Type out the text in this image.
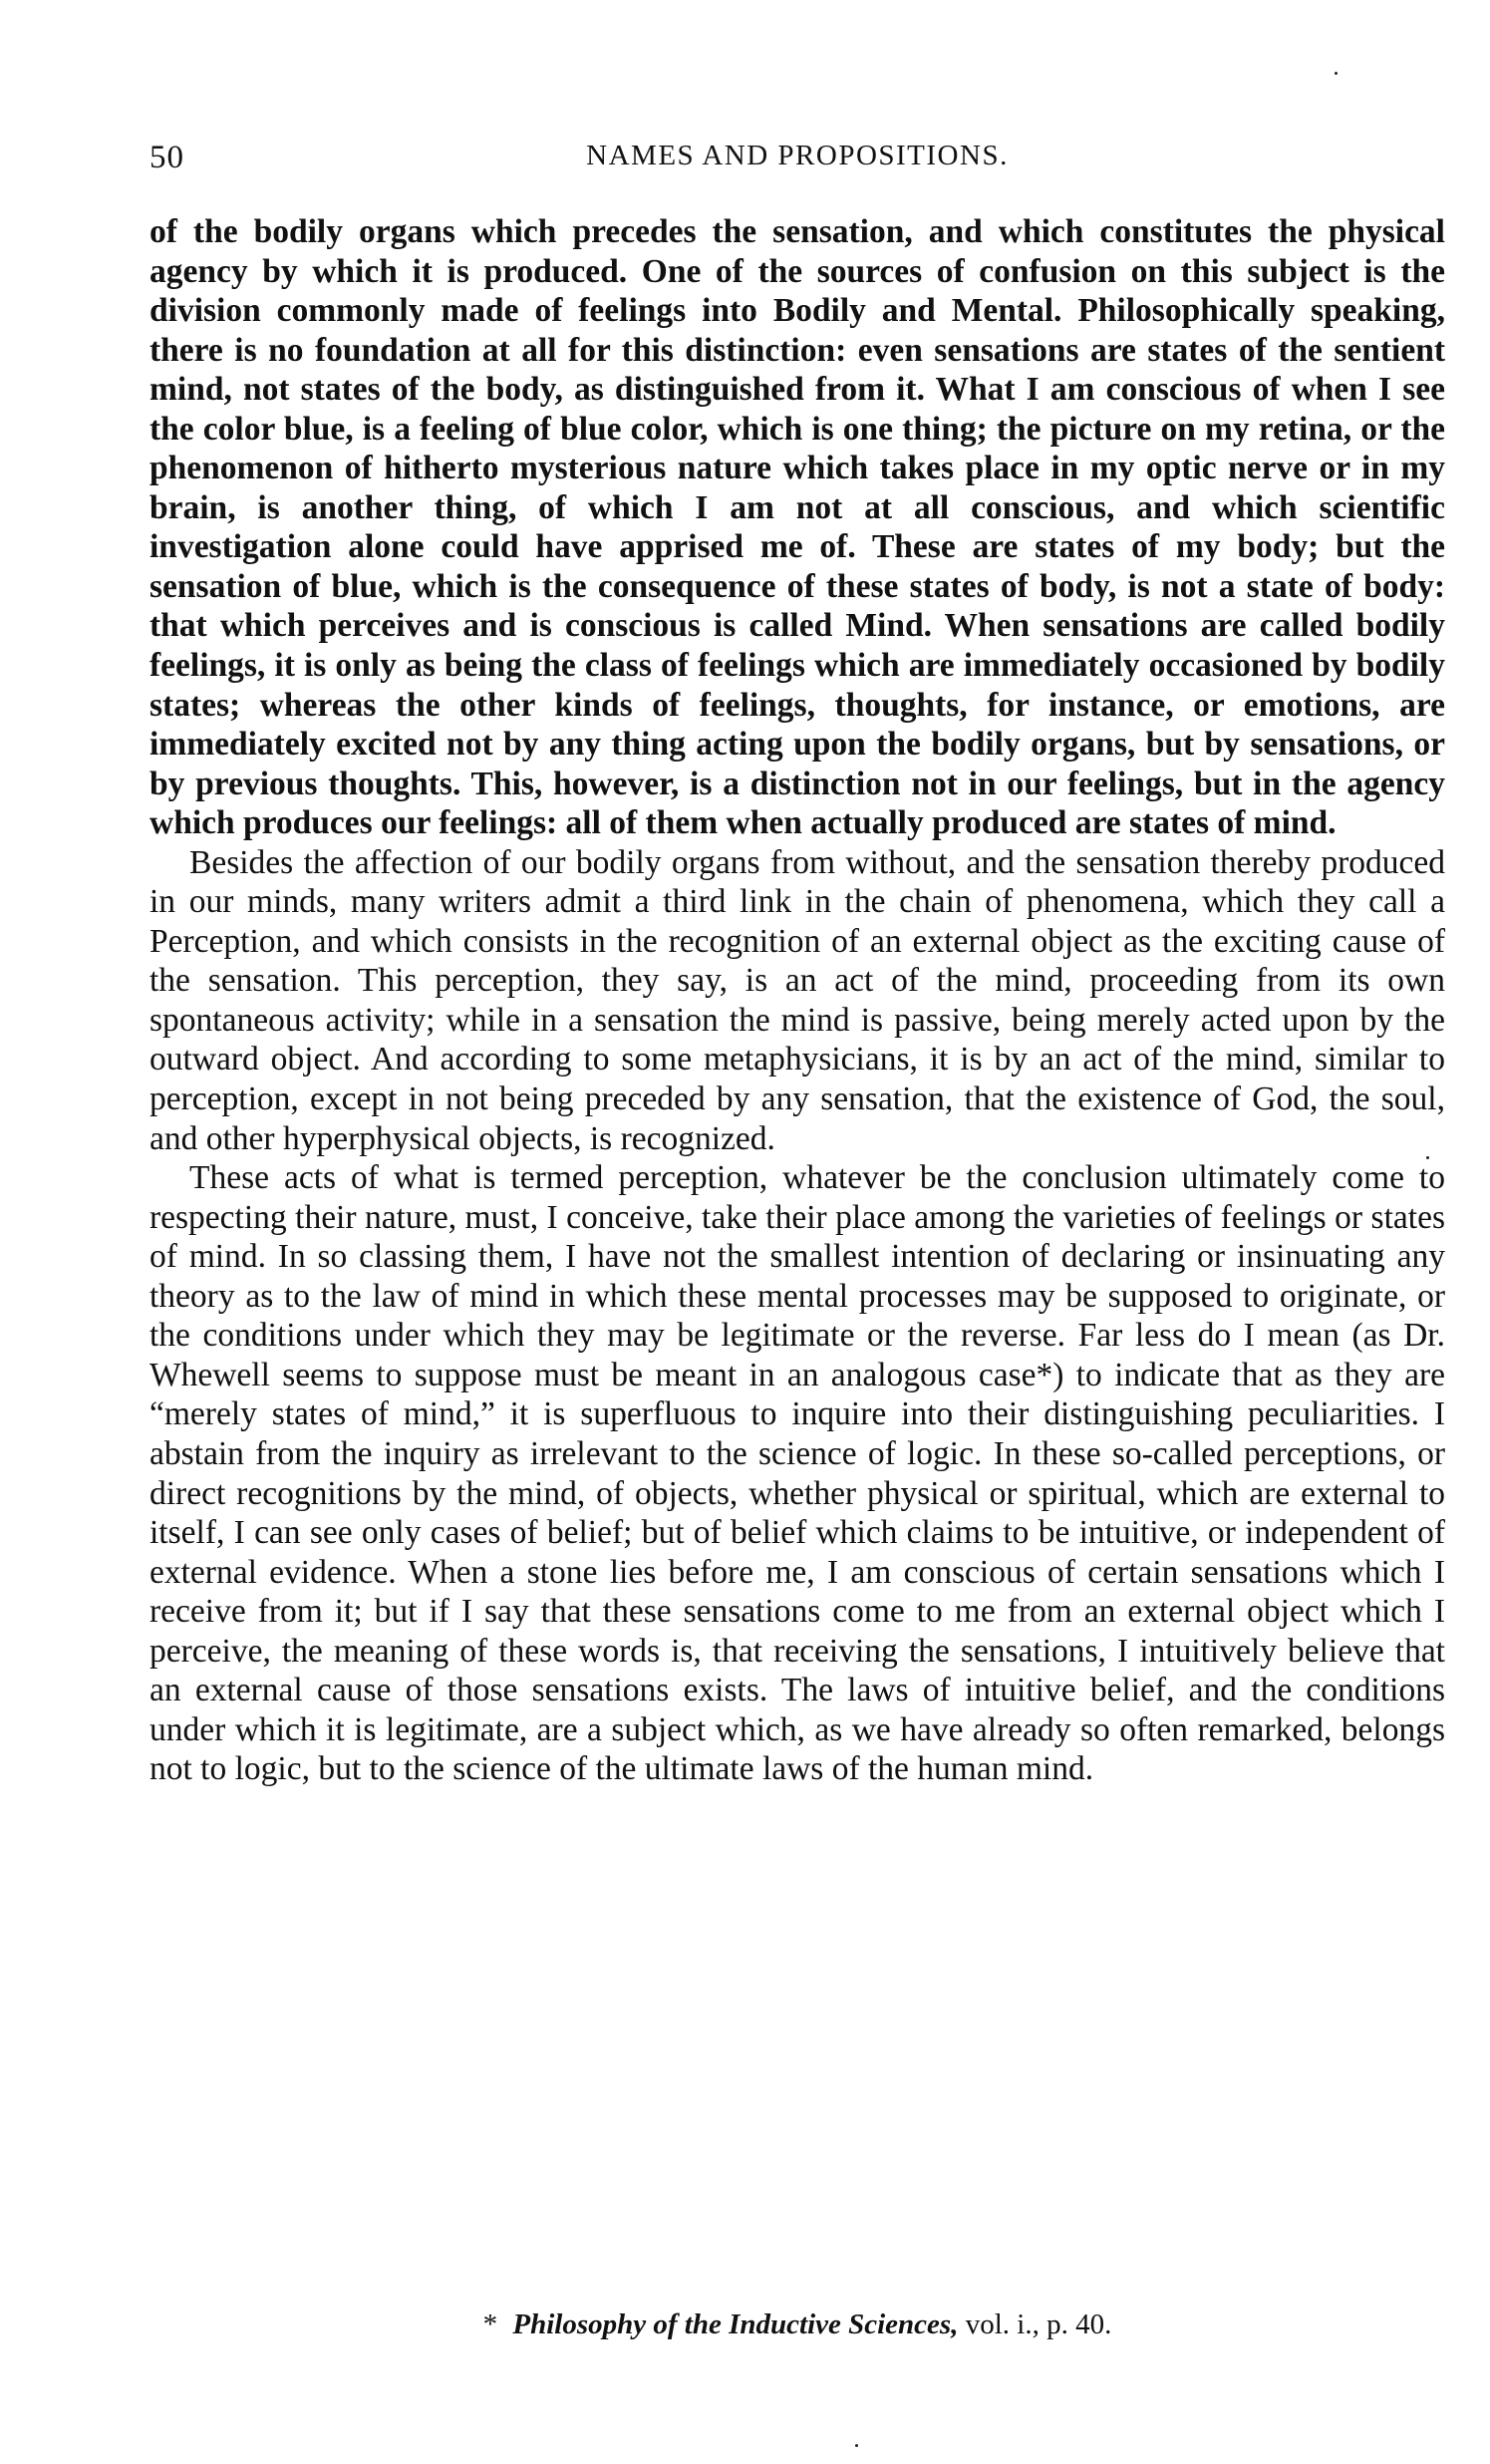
50	NAMES AND PROPOSITIONS.

of the bodily organs which precedes the sensation, and which constitutes the physical agency by which it is produced. One of the sources of confusion on this subject is the division commonly made of feelings into Bodily and Mental. Philosophically speaking, there is no foundation at all for this distinction: even sensations are states of the sentient mind, not states of the body, as distinguished from it. What I am conscious of when I see the color blue, is a feeling of blue color, which is one thing; the picture on my retina, or the phenomenon of hitherto mysterious nature which takes place in my optic nerve or in my brain, is another thing, of which I am not at all conscious, and which scientific investigation alone could have apprised me of. These are states of my body; but the sensation of blue, which is the consequence of these states of body, is not a state of body: that which perceives and is conscious is called Mind. When sensations are called bodily feelings, it is only as being the class of feelings which are immediately occasioned by bodily states; whereas the other kinds of feelings, thoughts, for instance, or emotions, are immediately excited not by any thing acting upon the bodily organs, but by sensations, or by previous thoughts. This, however, is a distinction not in our feelings, but in the agency which produces our feelings: all of them when actually produced are states of mind.

Besides the affection of our bodily organs from without, and the sensation thereby produced in our minds, many writers admit a third link in the chain of phenomena, which they call a Perception, and which consists in the recognition of an external object as the exciting cause of the sensation. This perception, they say, is an act of the mind, proceeding from its own spontaneous activity; while in a sensation the mind is passive, being merely acted upon by the outward object. And according to some metaphysicians, it is by an act of the mind, similar to perception, except in not being preceded by any sensation, that the existence of God, the soul, and other hyperphysical objects, is recognized.

These acts of what is termed perception, whatever be the conclusion ultimately come to respecting their nature, must, I conceive, take their place among the varieties of feelings or states of mind. In so classing them, I have not the smallest intention of declaring or insinuating any theory as to the law of mind in which these mental processes may be supposed to originate, or the conditions under which they may be legitimate or the reverse. Far less do I mean (as Dr. Whewell seems to suppose must be meant in an analogous case*) to indicate that as they are “merely states of mind,” it is superfluous to inquire into their distinguishing peculiarities. I abstain from the inquiry as irrelevant to the science of logic. In these so-called perceptions, or direct recognitions by the mind, of objects, whether physical or spiritual, which are external to itself, I can see only cases of belief; but of belief which claims to be intuitive, or independent of external evidence. When a stone lies before me, I am conscious of certain sensations which I receive from it; but if I say that these sensations come to me from an external object which I perceive, the meaning of these words is, that receiving the sensations, I intuitively believe that an external cause of those sensations exists. The laws of intuitive belief, and the conditions under which it is legitimate, are a subject which, as we have already so often remarked, belongs not to logic, but to the science of the ultimate laws of the human mind.

* Philosophy of the Inductive Sciences, vol. i., p. 40.
